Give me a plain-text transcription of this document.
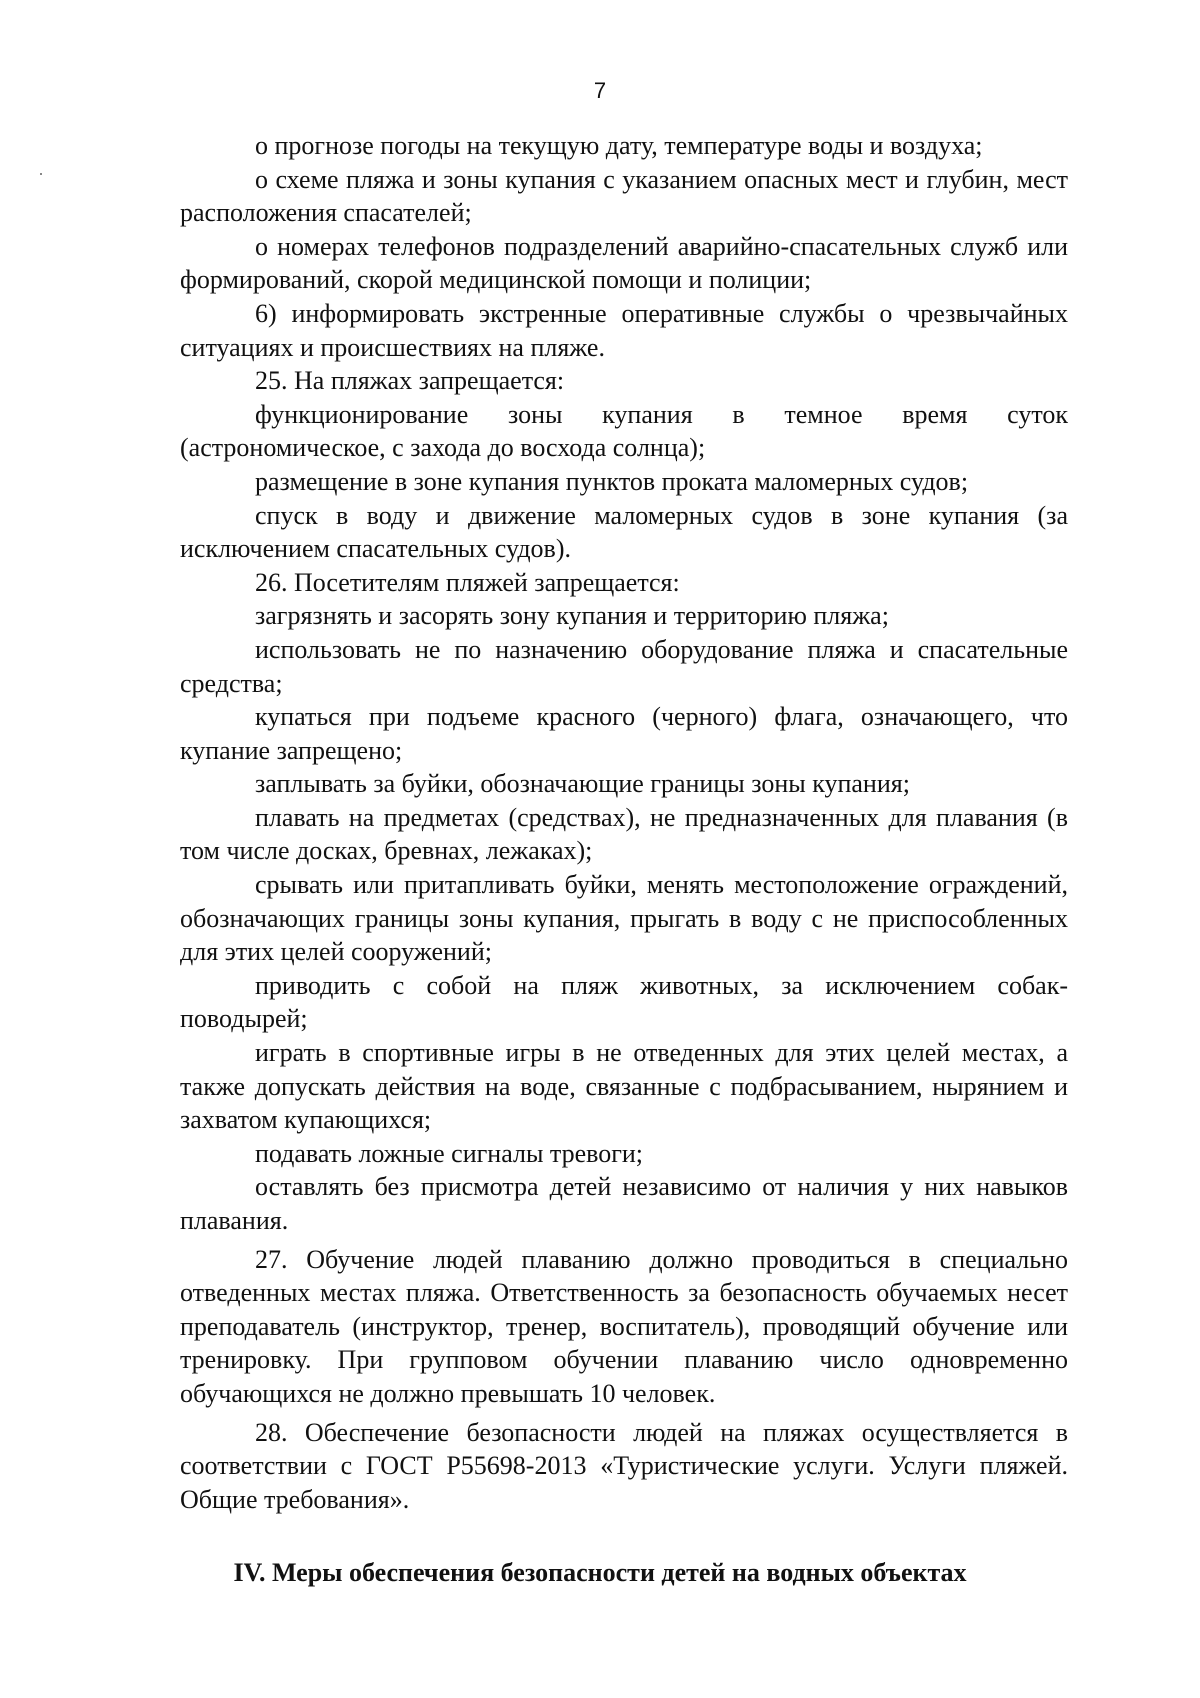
7

о прогнозе погоды на текущую дату, температуре воды и воздуха;

о схеме пляжа и зоны купания с указанием опасных мест и глубин, мест расположения спасателей;

о номерах телефонов подразделений аварийно-спасательных служб или формирований, скорой медицинской помощи и полиции;

6) информировать экстренные оперативные службы о чрезвычайных ситуациях и происшествиях на пляже.

25. На пляжах запрещается:

функционирование зоны купания в темное время суток (астрономическое, с захода до восхода солнца);

размещение в зоне купания пунктов проката маломерных судов;

спуск в воду и движение маломерных судов в зоне купания (за исключением спасательных судов).

26. Посетителям пляжей запрещается:

загрязнять и засорять зону купания и территорию пляжа;

использовать не по назначению оборудование пляжа и спасательные средства;

купаться при подъеме красного (черного) флага, означающего, что купание запрещено;

заплывать за буйки, обозначающие границы зоны купания;

плавать на предметах (средствах), не предназначенных для плавания (в том числе досках, бревнах, лежаках);

срывать или притапливать буйки, менять местоположение ограждений, обозначающих границы зоны купания, прыгать в воду с не приспособленных для этих целей сооружений;

приводить с собой на пляж животных, за исключением собак-поводырей;

играть в спортивные игры в не отведенных для этих целей местах, а также допускать действия на воде, связанные с подбрасыванием, нырянием и захватом купающихся;

подавать ложные сигналы тревоги;

оставлять без присмотра детей независимо от наличия у них навыков плавания.

27. Обучение людей плаванию должно проводиться в специально отведенных местах пляжа. Ответственность за безопасность обучаемых несет преподаватель (инструктор, тренер, воспитатель), проводящий обучение или тренировку. При групповом обучении плаванию число одновременно обучающихся не должно превышать 10 человек.

28. Обеспечение безопасности людей на пляжах осуществляется в соответствии с ГОСТ Р55698-2013 «Туристические услуги. Услуги пляжей. Общие требования».

IV. Меры обеспечения безопасности детей на водных объектах
